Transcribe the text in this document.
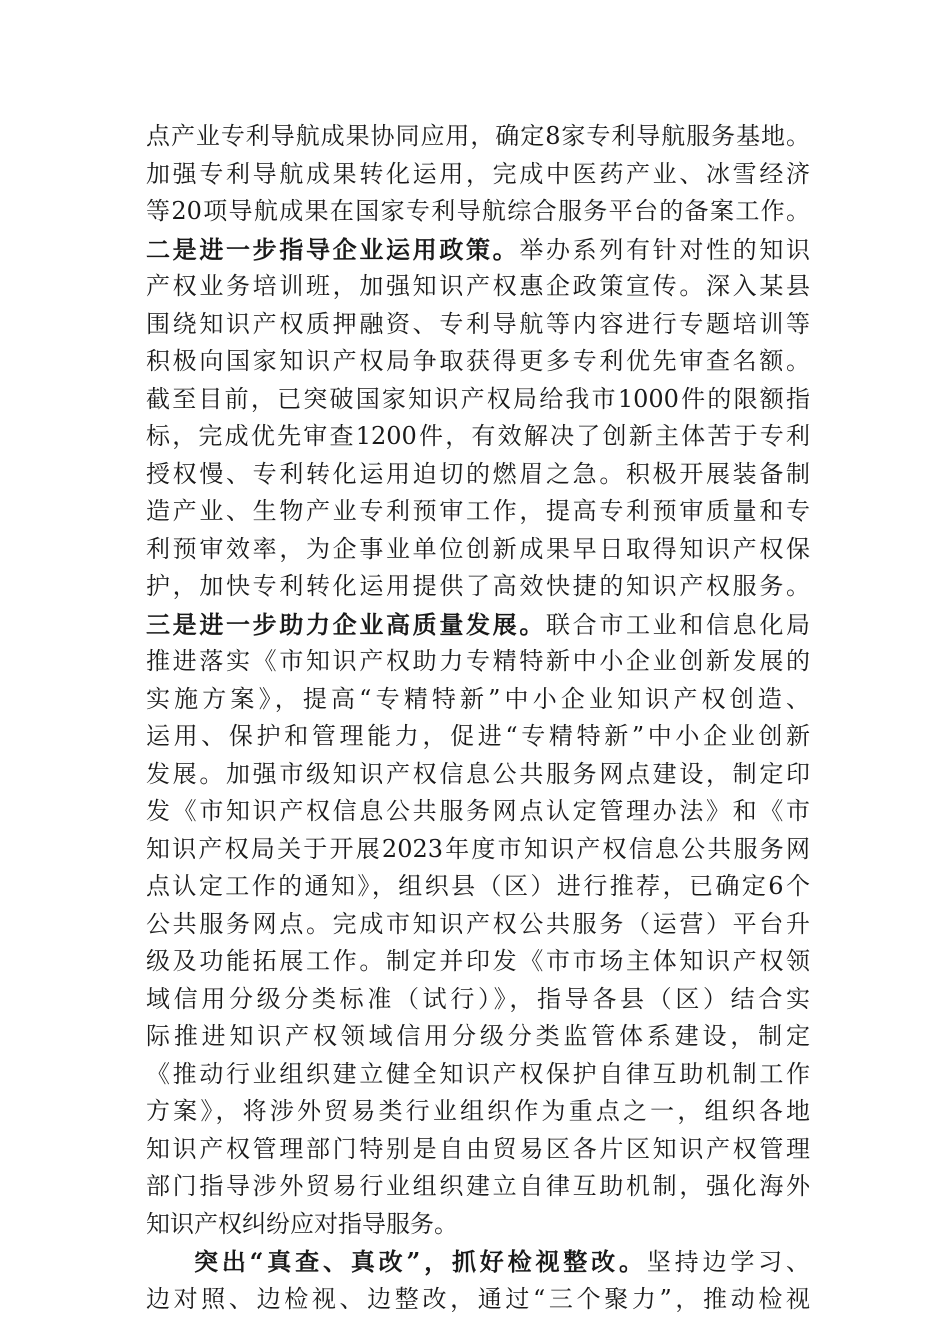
点产业专利导航成果协同应用，确定8家专利导航服务基地。
加强专利导航成果转化运用，完成中医药产业、冰雪经济
等20项导航成果在国家专利导航综合服务平台的备案工作。
二是进一步指导企业运用政策。举办系列有针对性的知识
产权业务培训班，加强知识产权惠企政策宣传。深入某县
围绕知识产权质押融资、专利导航等内容进行专题培训等
积极向国家知识产权局争取获得更多专利优先审查名额。
截至目前，已突破国家知识产权局给我市1000件的限额指
标，完成优先审查1200件，有效解决了创新主体苦于专利
授权慢、专利转化运用迫切的燃眉之急。积极开展装备制
造产业、生物产业专利预审工作，提高专利预审质量和专
利预审效率，为企事业单位创新成果早日取得知识产权保
护，加快专利转化运用提供了高效快捷的知识产权服务。
三是进一步助力企业高质量发展。联合市工业和信息化局
推进落实《市知识产权助力专精特新中小企业创新发展的
实施方案》，提高“专精特新”中小企业知识产权创造、
运用、保护和管理能力，促进“专精特新”中小企业创新
发展。加强市级知识产权信息公共服务网点建设，制定印
发《市知识产权信息公共服务网点认定管理办法》和《市
知识产权局关于开展2023年度市知识产权信息公共服务网
点认定工作的通知》，组织县（区）进行推荐，已确定6个
公共服务网点。完成市知识产权公共服务（运营）平台升
级及功能拓展工作。制定并印发《市市场主体知识产权领
域信用分级分类标准（试行）》，指导各县（区）结合实
际推进知识产权领域信用分级分类监管体系建设，制定
《推动行业组织建立健全知识产权保护自律互助机制工作
方案》，将涉外贸易类行业组织作为重点之一，组织各地
知识产权管理部门特别是自由贸易区各片区知识产权管理
部门指导涉外贸易行业组织建立自律互助机制，强化海外
知识产权纠纷应对指导服务。
突出“真查、真改”，抓好检视整改。坚持边学习、
边对照、边检视、边整改，通过“三个聚力”，推动检视
